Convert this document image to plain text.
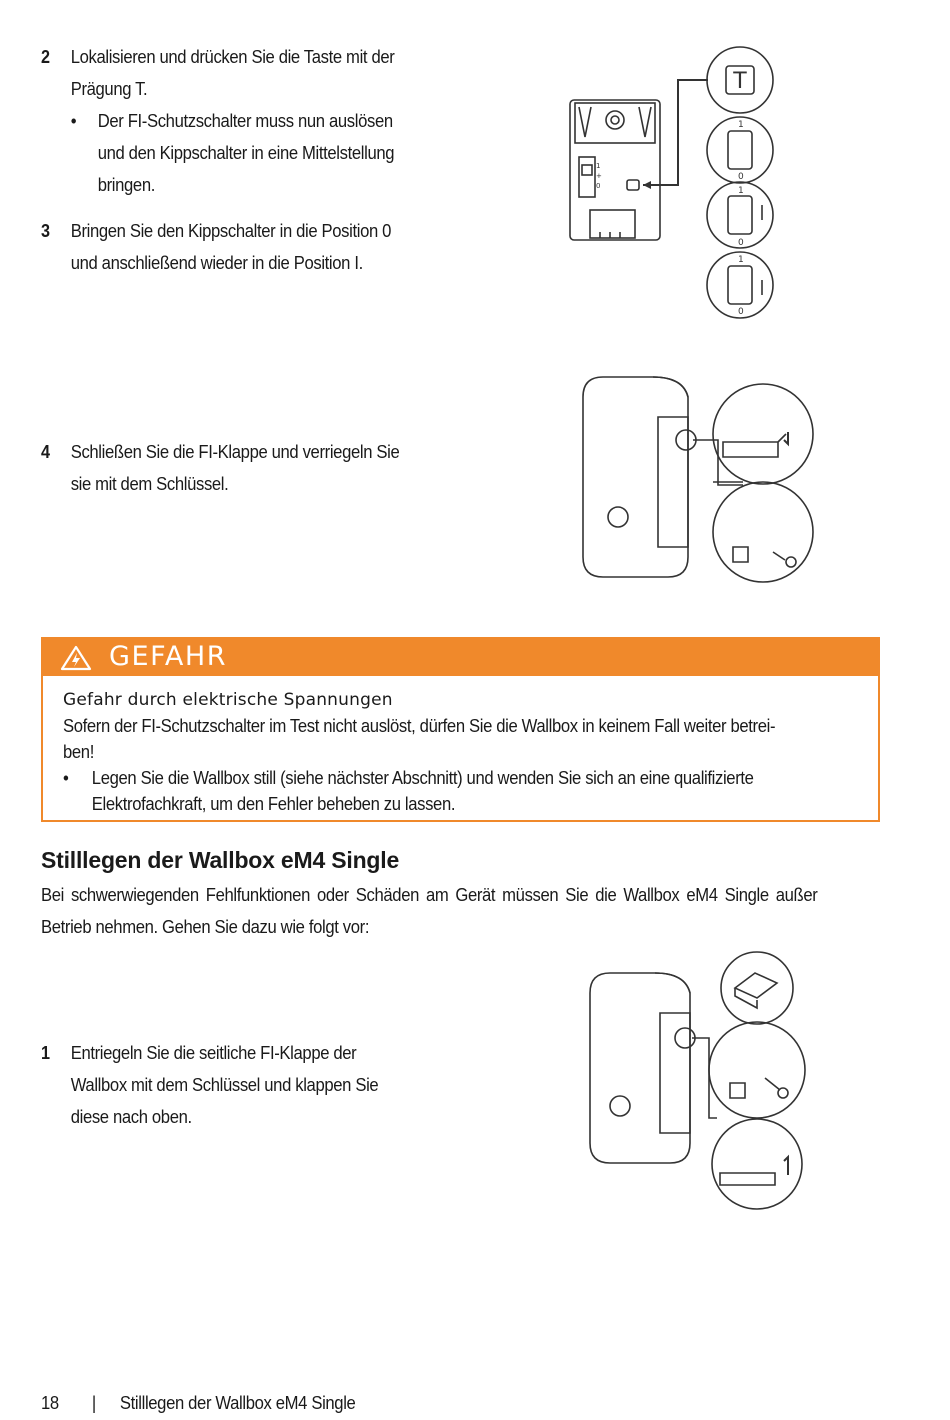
2 Lokalisieren und drücken Sie die Taste mit der
Prägung T.
• Der FI-Schutzschalter muss nun auslösen
und den Kippschalter in eine Mittelstellung
bringen.
3 Bringen Sie den Kippschalter in die Position 0
und anschließend wieder in die Position I.
T
1
+
0
1
0
1
0
1
0
4 Schließen Sie die FI-Klappe und verriegeln Sie
sie mit dem Schlüssel.
GEFAHR
Gefahr durch elektrische Spannungen
Sofern der FI-Schutzschalter im Test nicht auslöst, dürfen Sie die Wallbox in keinem Fall weiter betrei-
ben!
• Legen Sie die Wallbox still (siehe nächster Abschnitt) und wenden Sie sich an eine qualifizierte
Elektrofachkraft, um den Fehler beheben zu lassen.
Stilllegen der Wallbox eM4 Single
Bei schwerwiegenden Fehlfunktionen oder Schäden am Gerät müssen Sie die Wallbox eM4 Single außer
Betrieb nehmen. Gehen Sie dazu wie folgt vor:
1 Entriegeln Sie die seitliche FI-Klappe der
Wallbox mit dem Schlüssel und klappen Sie
diese nach oben.
18 | Stilllegen der Wallbox eM4 Single
